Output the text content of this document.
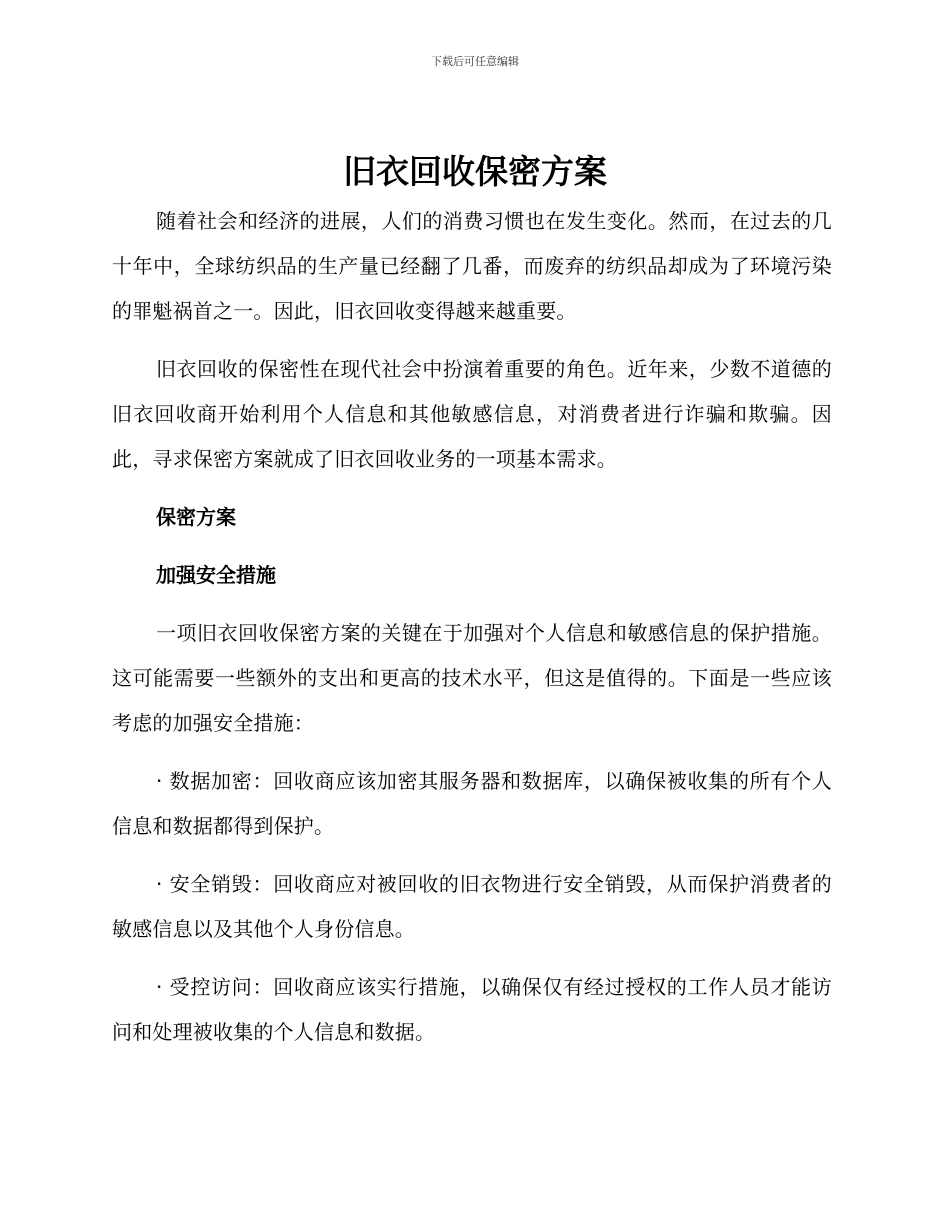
下载后可任意编辑
旧衣回收保密方案

随着社会和经济的进展，人们的消费习惯也在发生变化。然而，在过去的几十年中，全球纺织品的生产量已经翻了几番，而废弃的纺织品却成为了环境污染的罪魁祸首之一。因此，旧衣回收变得越来越重要。

旧衣回收的保密性在现代社会中扮演着重要的角色。近年来，少数不道德的旧衣回收商开始利用个人信息和其他敏感信息，对消费者进行诈骗和欺骗。因此，寻求保密方案就成了旧衣回收业务的一项基本需求。

保密方案

加强安全措施

一项旧衣回收保密方案的关键在于加强对个人信息和敏感信息的保护措施。这可能需要一些额外的支出和更高的技术水平，但这是值得的。下面是一些应该考虑的加强安全措施：

· 数据加密：回收商应该加密其服务器和数据库，以确保被收集的所有个人信息和数据都得到保护。

· 安全销毁：回收商应对被回收的旧衣物进行安全销毁，从而保护消费者的敏感信息以及其他个人身份信息。

· 受控访问：回收商应该实行措施，以确保仅有经过授权的工作人员才能访问和处理被收集的个人信息和数据。
